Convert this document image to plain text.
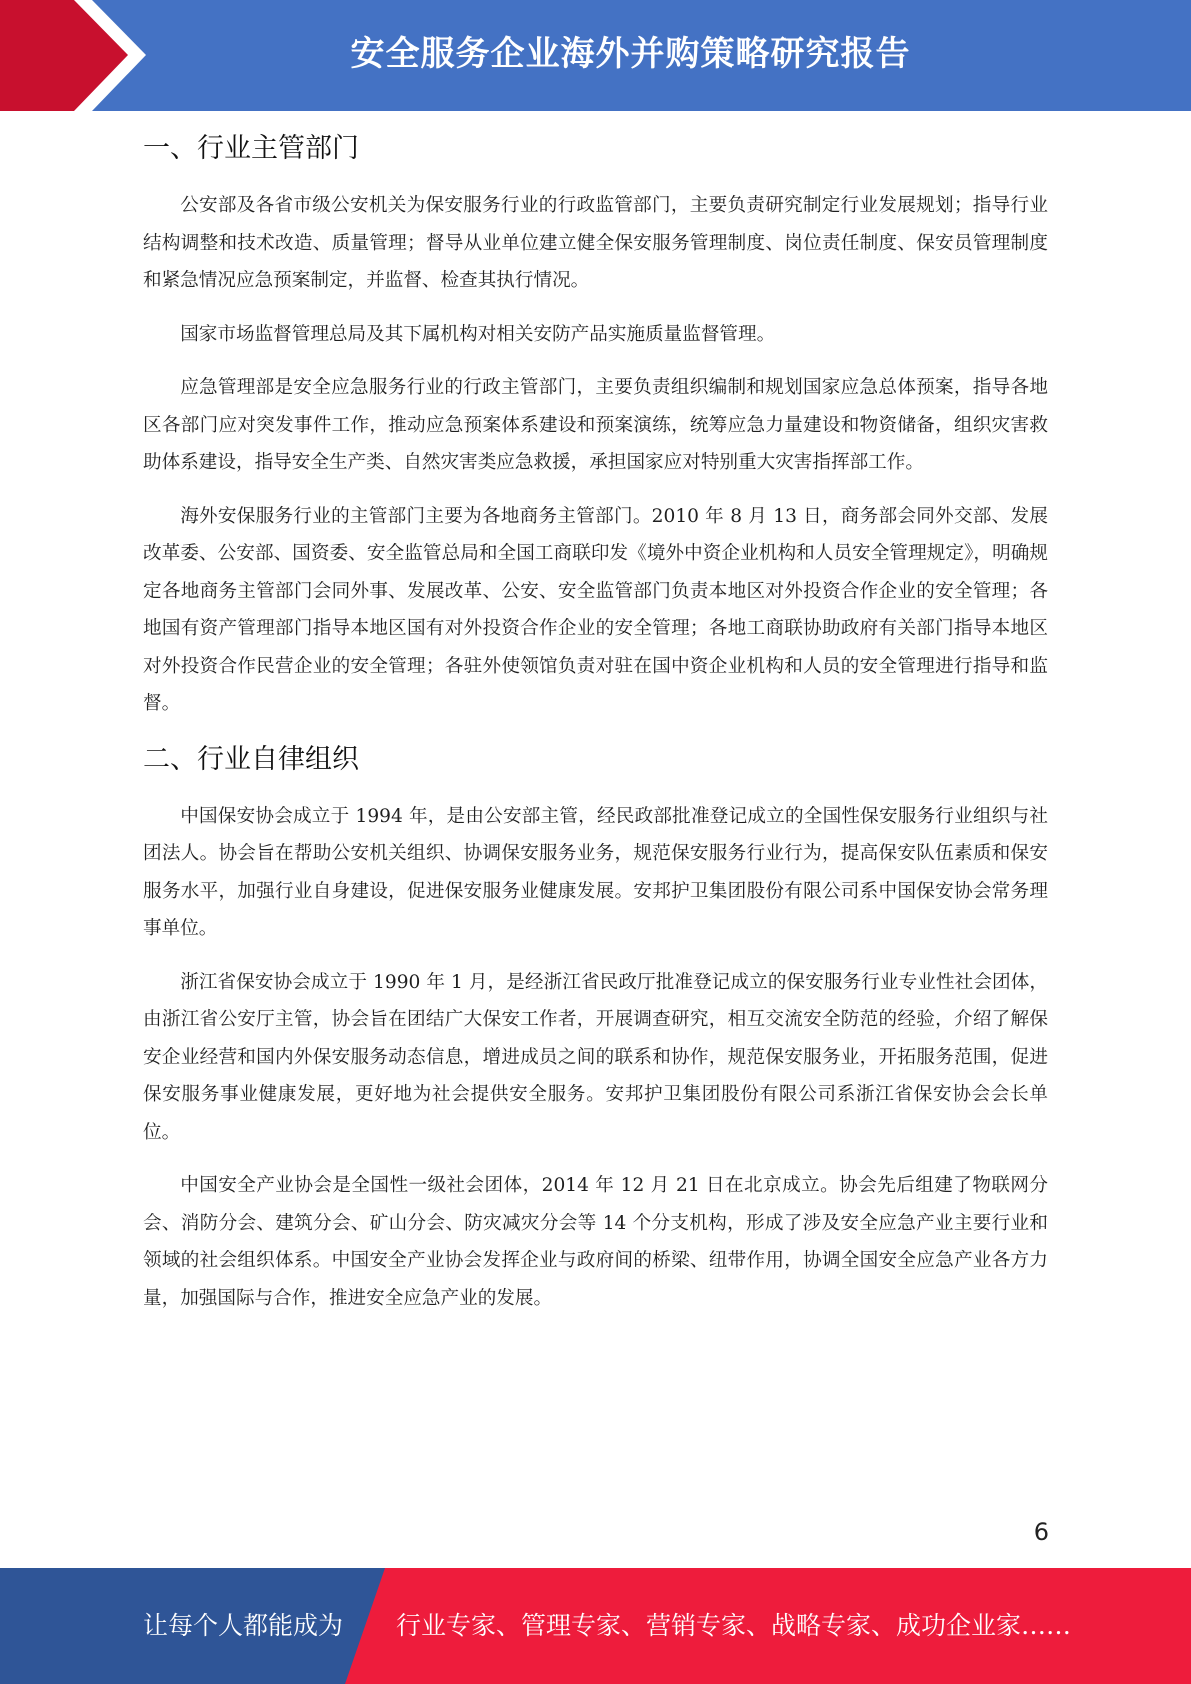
安全服务企业海外并购策略研究报告
一、行业主管部门

公安部及各省市级公安机关为保安服务行业的行政监管部门，主要负责研究制定行业发展规划；指导行业结构调整和技术改造、质量管理；督导从业单位建立健全保安服务管理制度、岗位责任制度、保安员管理制度和紧急情况应急预案制定，并监督、检查其执行情况。

国家市场监督管理总局及其下属机构对相关安防产品实施质量监督管理。

应急管理部是安全应急服务行业的行政主管部门，主要负责组织编制和规划国家应急总体预案，指导各地区各部门应对突发事件工作，推动应急预案体系建设和预案演练，统筹应急力量建设和物资储备，组织灾害救助体系建设，指导安全生产类、自然灾害类应急救援，承担国家应对特别重大灾害指挥部工作。

海外安保服务行业的主管部门主要为各地商务主管部门。2010 年 8 月 13 日，商务部会同外交部、发展改革委、公安部、国资委、安全监管总局和全国工商联印发《境外中资企业机构和人员安全管理规定》，明确规定各地商务主管部门会同外事、发展改革、公安、安全监管部门负责本地区对外投资合作企业的安全管理；各地国有资产管理部门指导本地区国有对外投资合作企业的安全管理；各地工商联协助政府有关部门指导本地区对外投资合作民营企业的安全管理；各驻外使领馆负责对驻在国中资企业机构和人员的安全管理进行指导和监督。

二、行业自律组织

中国保安协会成立于 1994 年，是由公安部主管，经民政部批准登记成立的全国性保安服务行业组织与社团法人。协会旨在帮助公安机关组织、协调保安服务业务，规范保安服务行业行为，提高保安队伍素质和保安服务水平，加强行业自身建设，促进保安服务业健康发展。安邦护卫集团股份有限公司系中国保安协会常务理事单位。

浙江省保安协会成立于 1990 年 1 月，是经浙江省民政厅批准登记成立的保安服务行业专业性社会团体，由浙江省公安厅主管，协会旨在团结广大保安工作者，开展调查研究，相互交流安全防范的经验，介绍了解保安企业经营和国内外保安服务动态信息，增进成员之间的联系和协作，规范保安服务业，开拓服务范围，促进保安服务事业健康发展，更好地为社会提供安全服务。安邦护卫集团股份有限公司系浙江省保安协会会长单位。

中国安全产业协会是全国性一级社会团体，2014 年 12 月 21 日在北京成立。协会先后组建了物联网分会、消防分会、建筑分会、矿山分会、防灾减灾分会等 14 个分支机构，形成了涉及安全应急产业主要行业和领域的社会组织体系。中国安全产业协会发挥企业与政府间的桥梁、纽带作用，协调全国安全应急产业各方力量，加强国际与合作，推进安全应急产业的发展。

6
让每个人都能成为 行业专家、管理专家、营销专家、战略专家、成功企业家……
